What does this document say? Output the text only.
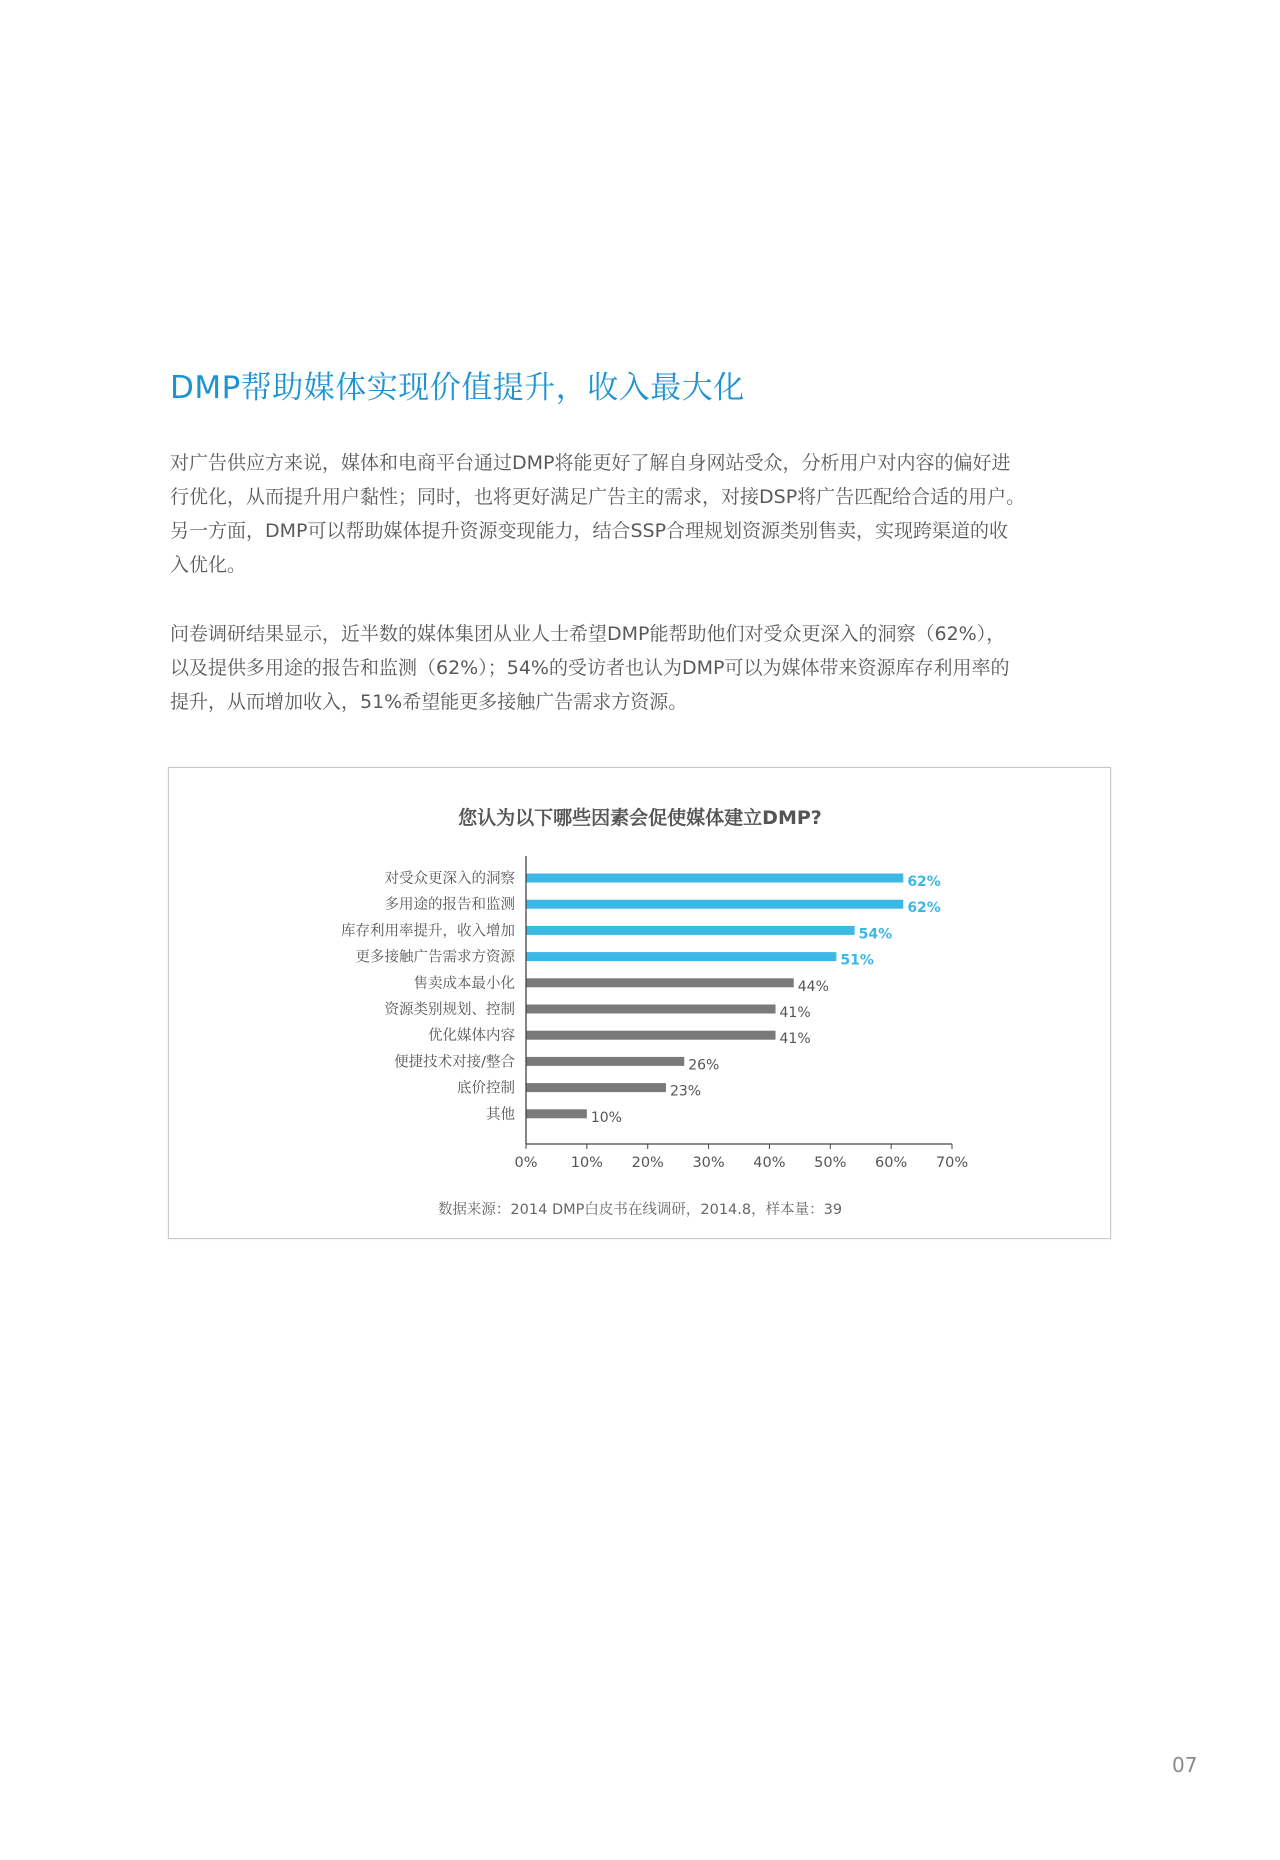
DMP帮助媒体实现价值提升，收入最大化
对广告供应方来说，媒体和电商平台通过DMP将能更好了解自身网站受众，分析用户对内容的偏好进
行优化，从而提升用户黏性；同时，也将更好满足广告主的需求，对接DSP将广告匹配给合适的用户。
另一方面，DMP可以帮助媒体提升资源变现能力，结合SSP合理规划资源类别售卖，实现跨渠道的收
入优化。
问卷调研结果显示，近半数的媒体集团从业人士希望DMP能帮助他们对受众更深入的洞察（62%），
以及提供多用途的报告和监测（62%）；54%的受访者也认为DMP可以为媒体带来资源库存利用率的
提升，从而增加收入，51%希望能更多接触广告需求方资源。
您认为以下哪些因素会促使媒体建立DMP?
对受众更深入的洞察	62%
多用途的报告和监测	62%
库存利用率提升，收入增加	54%
更多接触广告需求方资源	51%
售卖成本最小化	44%
资源类别规划、控制	41%
优化媒体内容	41%
便捷技术对接/整合	26%
底价控制	23%
其他	10%
0% 10% 20% 30% 40% 50% 60% 70%
数据来源：2014 DMP白皮书在线调研，2014.8，样本量：39
07
